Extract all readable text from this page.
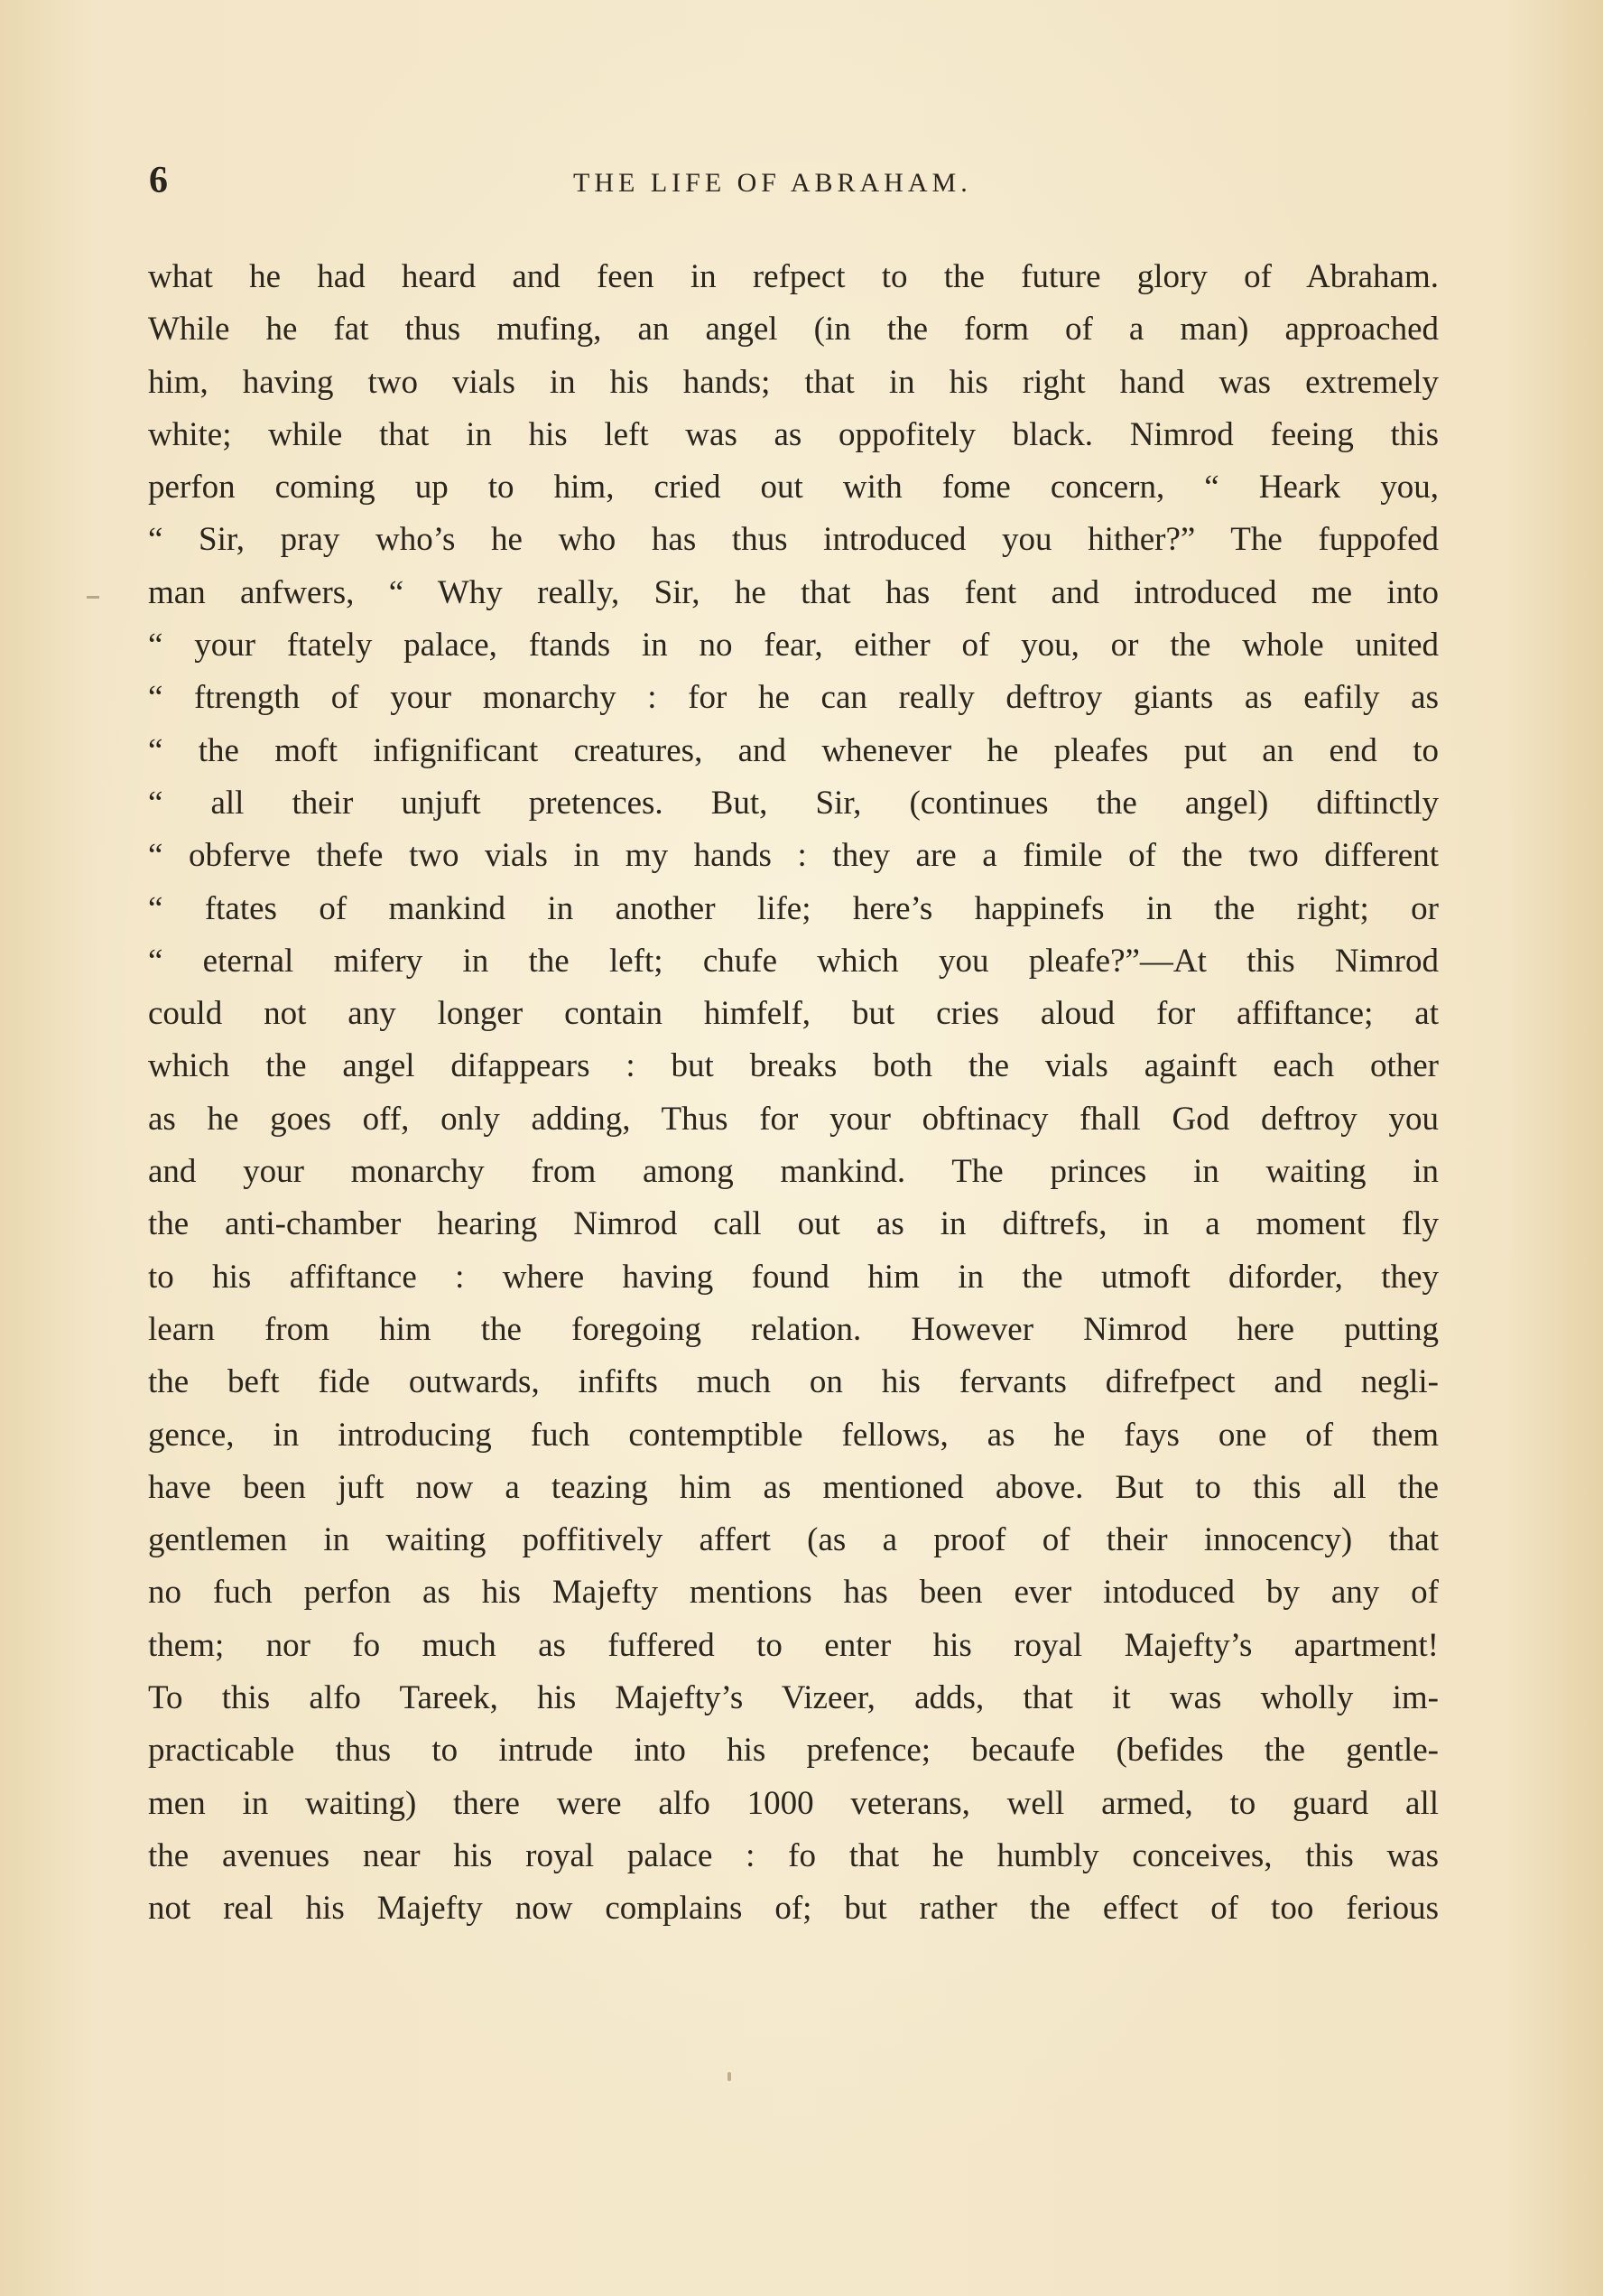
6	THE LIFE OF ABRAHAM.
what he had heard and feen in refpect to the future glory of Abraham.
While he fat thus mufing, an angel (in the form of a man) approached
him, having two vials in his hands; that in his right hand was extremely
white; while that in his left was as oppofitely black. Nimrod feeing this
perfon coming up to him, cried out with fome concern, “ Heark you,
“ Sir, pray who’s he who has thus introduced you hither?” The fuppofed
man anfwers, “ Why really, Sir, he that has fent and introduced me into
“ your ftately palace, ftands in no fear, either of you, or the whole united
“ ftrength of your monarchy : for he can really deftroy giants as eafily as
“ the moft infignificant creatures, and whenever he pleafes put an end to
“ all their unjuft pretences. But, Sir, (continues the angel) diftinctly
“ obferve thefe two vials in my hands : they are a fimile of the two different
“ ftates of mankind in another life; here’s happinefs in the right; or
“ eternal mifery in the left; chufe which you pleafe?”—At this Nimrod
could not any longer contain himfelf, but cries aloud for affiftance; at
which the angel difappears : but breaks both the vials againft each other
as he goes off, only adding, Thus for your obftinacy fhall God deftroy you
and your monarchy from among mankind. The princes in waiting in
the anti-chamber hearing Nimrod call out as in diftrefs, in a moment fly
to his affiftance : where having found him in the utmoft diforder, they
learn from him the foregoing relation. However Nimrod here putting
the beft fide outwards, infifts much on his fervants difrefpect and negli-
gence, in introducing fuch contemptible fellows, as he fays one of them
have been juft now a teazing him as mentioned above. But to this all the
gentlemen in waiting poffitively affert (as a proof of their innocency) that
no fuch perfon as his Majefty mentions has been ever intoduced by any of
them; nor fo much as fuffered to enter his royal Majefty’s apartment!
To this alfo Tareek, his Majefty’s Vizeer, adds, that it was wholly im-
practicable thus to intrude into his prefence; becaufe (befides the gentle-
men in waiting) there were alfo 1000 veterans, well armed, to guard all
the avenues near his royal palace : fo that he humbly conceives, this was
not real his Majefty now complains of; but rather the effect of too ferious
